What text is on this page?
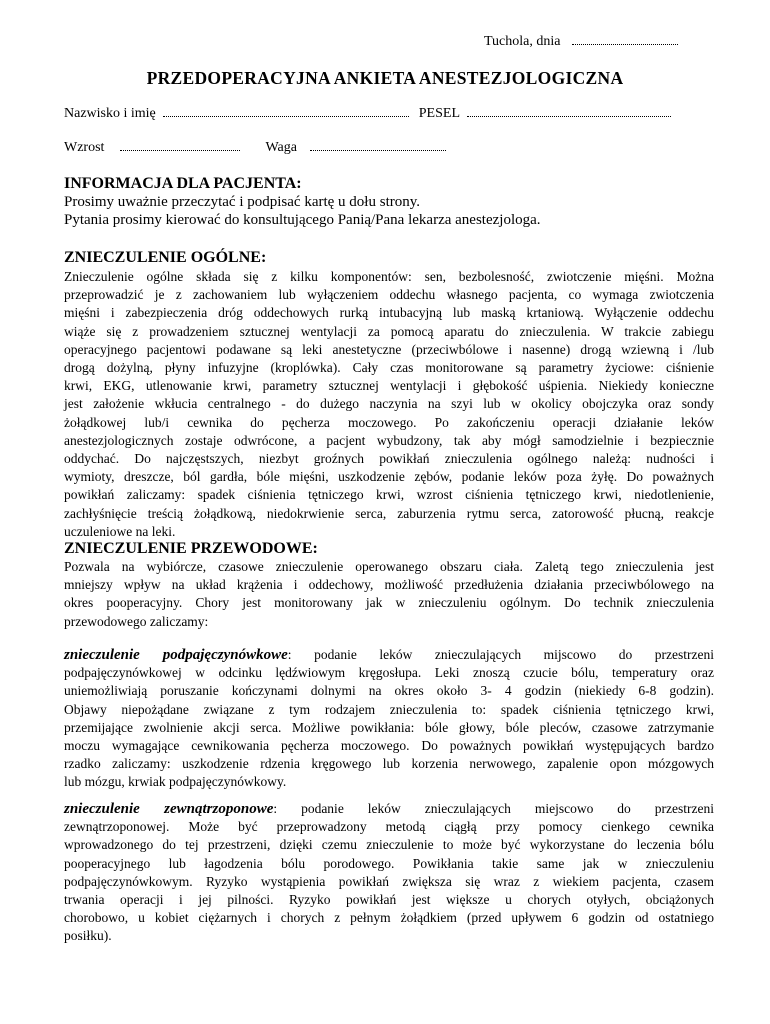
Tuchola, dnia
PRZEDOPERACYJNA ANKIETA ANESTEZJOLOGICZNA
Nazwisko i imię	PESEL
Wzrost	Waga
INFORMACJA DLA PACJENTA:
Prosimy uważnie przeczytać i podpisać kartę u dołu strony.
Pytania prosimy kierować do konsultującego Panią/Pana lekarza anestezjologa.
ZNIECZULENIE OGÓLNE:
Znieczulenie ogólne składa się z kilku komponentów: sen, bezbolesność, zwiotczenie mięśni. Można
przeprowadzić je z zachowaniem lub wyłączeniem oddechu własnego pacjenta, co wymaga zwiotczenia
mięśni i zabezpieczenia dróg oddechowych rurką intubacyjną lub maską krtaniową. Wyłączenie oddechu
wiąże się z prowadzeniem sztucznej wentylacji za pomocą aparatu do znieczulenia. W trakcie zabiegu
operacyjnego pacjentowi podawane są leki anestetyczne (przeciwbólowe i nasenne) drogą wziewną i /lub
drogą dożylną, płyny infuzyjne (kroplówka). Cały czas monitorowane są parametry życiowe: ciśnienie
krwi, EKG, utlenowanie krwi, parametry sztucznej wentylacji i głębokość uśpienia. Niekiedy konieczne
jest założenie wkłucia centralnego - do dużego naczynia na szyi lub w okolicy obojczyka oraz sondy
żołądkowej lub/i cewnika do pęcherza moczowego. Po zakończeniu operacji działanie leków
anestezjologicznych zostaje odwrócone, a pacjent wybudzony, tak aby mógł samodzielnie i bezpiecznie
oddychać. Do najczęstszych, niezbyt groźnych powikłań znieczulenia ogólnego należą: nudności i
wymioty, dreszcze, ból gardła, bóle mięśni, uszkodzenie zębów, podanie leków poza żyłę. Do poważnych
powikłań zaliczamy: spadek ciśnienia tętniczego krwi, wzrost ciśnienia tętniczego krwi, niedotlenienie,
zachłyśnięcie treścią żołądkową, niedokrwienie serca, zaburzenia rytmu serca, zatorowość płucną, reakcje
uczuleniowe na leki.
ZNIECZULENIE PRZEWODOWE:
Pozwala na wybiórcze, czasowe znieczulenie operowanego obszaru ciała. Zaletą tego znieczulenia jest
mniejszy wpływ na układ krążenia i oddechowy, możliwość przedłużenia działania przeciwbólowego na
okres pooperacyjny. Chory jest monitorowany jak w znieczuleniu ogólnym. Do technik znieczulenia
przewodowego zaliczamy:
znieczulenie podpajęczynówkowe: podanie leków znieczulających mijscowo do przestrzeni
podpajęczynówkowej w odcinku lędźwiowym kręgosłupa. Leki znoszą czucie bólu, temperatury oraz
uniemożliwiają poruszanie kończynami dolnymi na okres około 3- 4 godzin (niekiedy 6-8 godzin).
Objawy niepożądane związane z tym rodzajem znieczulenia to: spadek ciśnienia tętniczego krwi,
przemijające zwolnienie akcji serca. Możliwe powikłania: bóle głowy, bóle pleców, czasowe zatrzymanie
moczu wymagające cewnikowania pęcherza moczowego. Do poważnych powikłań występujących bardzo
rzadko zaliczamy: uszkodzenie rdzenia kręgowego lub korzenia nerwowego, zapalenie opon mózgowych
lub mózgu, krwiak podpajęczynówkowy.
znieczulenie zewnątrzoponowe: podanie leków znieczulających miejscowo do przestrzeni
zewnątrzoponowej. Może być przeprowadzony metodą ciągłą przy pomocy cienkego cewnika
wprowadzonego do tej przestrzeni, dzięki czemu znieczulenie to może być wykorzystane do leczenia bólu
pooperacyjnego lub łagodzenia bólu porodowego. Powikłania takie same jak w znieczuleniu
podpajęczynówkowym. Ryzyko wystąpienia powikłań zwiększa się wraz z wiekiem pacjenta, czasem
trwania operacji i jej pilności. Ryzyko powikłań jest większe u chorych otyłych, obciążonych
chorobowo, u kobiet ciężarnych i chorych z pełnym żołądkiem (przed upływem 6 godzin od ostatniego
posiłku).
